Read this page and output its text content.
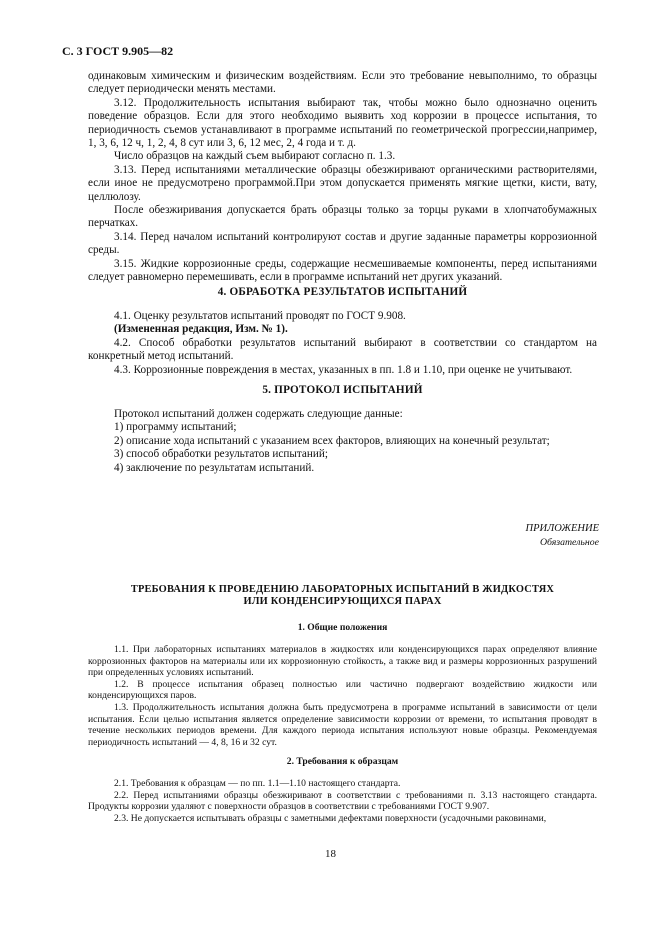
С. 3 ГОСТ 9.905—82

одинаковым химическим и физическим воздействиям. Если это требование невыполнимо, то образцы следует периодически менять местами.

3.12. Продолжительность испытания выбирают так, чтобы можно было однозначно оценить поведение образцов. Если для этого необходимо выявить ход коррозии в процессе испытания, то периодичность съемов устанавливают в программе испытаний по геометрической прогрессии,например, 1, 3, 6, 12 ч, 1, 2, 4, 8 сут или 3, 6, 12 мес, 2, 4 года и т. д.

Число образцов на каждый съем выбирают согласно п. 1.3.

3.13. Перед испытаниями металлические образцы обезжиривают органическими растворителями, если иное не предусмотрено программой.При этом допускается применять мягкие щетки, кисти, вату, целлюлозу.

После обезжиривания допускается брать образцы только за торцы руками в хлопчатобумажных перчатках.

3.14. Перед началом испытаний контролируют состав и другие заданные параметры коррозионной среды.

3.15. Жидкие коррозионные среды, содержащие несмешиваемые компоненты, перед испытаниями следует равномерно перемешивать, если в программе испытаний нет других указаний.

4. ОБРАБОТКА РЕЗУЛЬТАТОВ ИСПЫТАНИЙ

4.1. Оценку результатов испытаний проводят по ГОСТ 9.908.

(Измененная редакция, Изм. № 1).

4.2. Способ обработки результатов испытаний выбирают в соответствии со стандартом на конкретный метод испытаний.

4.3. Коррозионные повреждения в местах, указанных в пп. 1.8 и 1.10, при оценке не учитывают.

5. ПРОТОКОЛ ИСПЫТАНИЙ

Протокол испытаний должен содержать следующие данные:

1) программу испытаний;

2) описание хода испытаний с указанием всех факторов, влияющих на конечный результат;

3) способ обработки результатов испытаний;

4) заключение по результатам испытаний.

ПРИЛОЖЕНИЕ
Обязательное
ТРЕБОВАНИЯ К ПРОВЕДЕНИЮ ЛАБОРАТОРНЫХ ИСПЫТАНИЙ В ЖИДКОСТЯХ
ИЛИ КОНДЕНСИРУЮЩИХСЯ ПАРАХ
1. Общие положения

1.1. При лабораторных испытаниях материалов в жидкостях или конденсирующихся парах определяют влияние коррозионных факторов на материалы или их коррозионную стойкость, а также вид и размеры коррозионных разрушений при определенных условиях испытаний.

1.2. В процессе испытания образец полностью или частично подвергают воздействию жидкости или конденсирующихся паров.

1.3. Продолжительность испытания должна быть предусмотрена в программе испытаний в зависимости от цели испытания. Если целью испытания является определение зависимости коррозии от времени, то испытания проводят в течение нескольких периодов времени. Для каждого периода испытания используют новые образцы. Рекомендуемая периодичность испытаний — 4, 8, 16 и 32 сут.

2. Требования к образцам

2.1. Требования к образцам — по пп. 1.1—1.10 настоящего стандарта.

2.2. Перед испытаниями образцы обезжиривают в соответствии с требованиями п. 3.13 настоящего стандарта. Продукты коррозии удаляют с поверхности образцов в соответствии с требованиями ГОСТ 9.907.

2.3. Не допускается испытывать образцы с заметными дефектами поверхности (усадочными раковинами,

18
